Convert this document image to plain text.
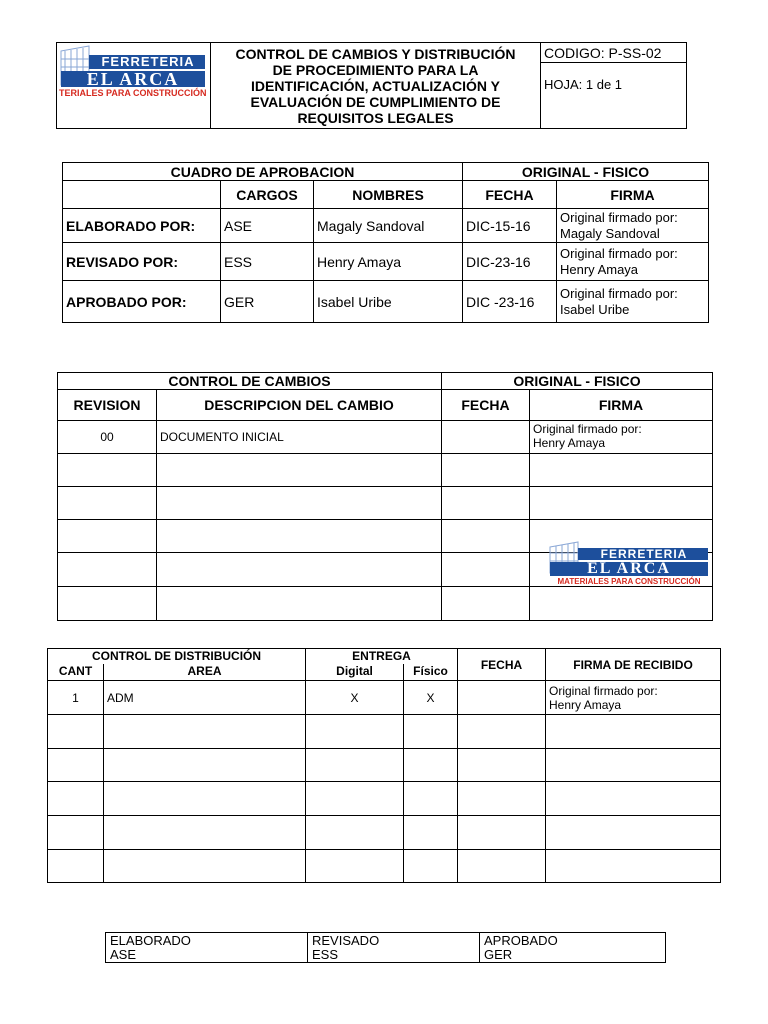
FERRETERIA
EL ARCA
TERIALES PARA CONSTRUCCIÓN

CONTROL DE CAMBIOS Y DISTRIBUCIÓN
DE PROCEDIMIENTO PARA LA
IDENTIFICACIÓN, ACTUALIZACIÓN Y
EVALUACIÓN DE CUMPLIMIENTO DE
REQUISITOS LEGALES
	CODIGO: P-SS-02
HOJA: 1 de 1
CUADRO DE APROBACION			ORIGINAL - FISICO	
	CARGOS	NOMBRES	FECHA	FIRMA
ELABORADO POR:	ASE	Magaly Sandoval	DIC-15-16	Original firmado por:
Magaly Sandoval

REVISADO POR:	ESS	Henry Amaya	DIC-23-16	Original firmado por:
Henry Amaya

APROBADO POR:	GER	Isabel Uribe	DIC -23-16	Original firmado por:
Isabel Uribe
CONTROL DE CAMBIOS		ORIGINAL - FISICO	
REVISION	DESCRIPCION DEL CAMBIO	FECHA	FIRMA
00	DOCUMENTO INICIAL		Original firmado por:
Henry Amaya

FERRETERIA
EL ARCA
MATERIALES PARA CONSTRUCCIÓN
CONTROL DE DISTRIBUCIÓN		ENTREGA		FECHA	FIRMA DE RECIBIDO
CANT	AREA	Digital	Físico		
1	ADM	X	X		Original firmado por:
Henry Amaya

ELABORADO
ASE

REVISADO
ESS

APROBADO
GER
